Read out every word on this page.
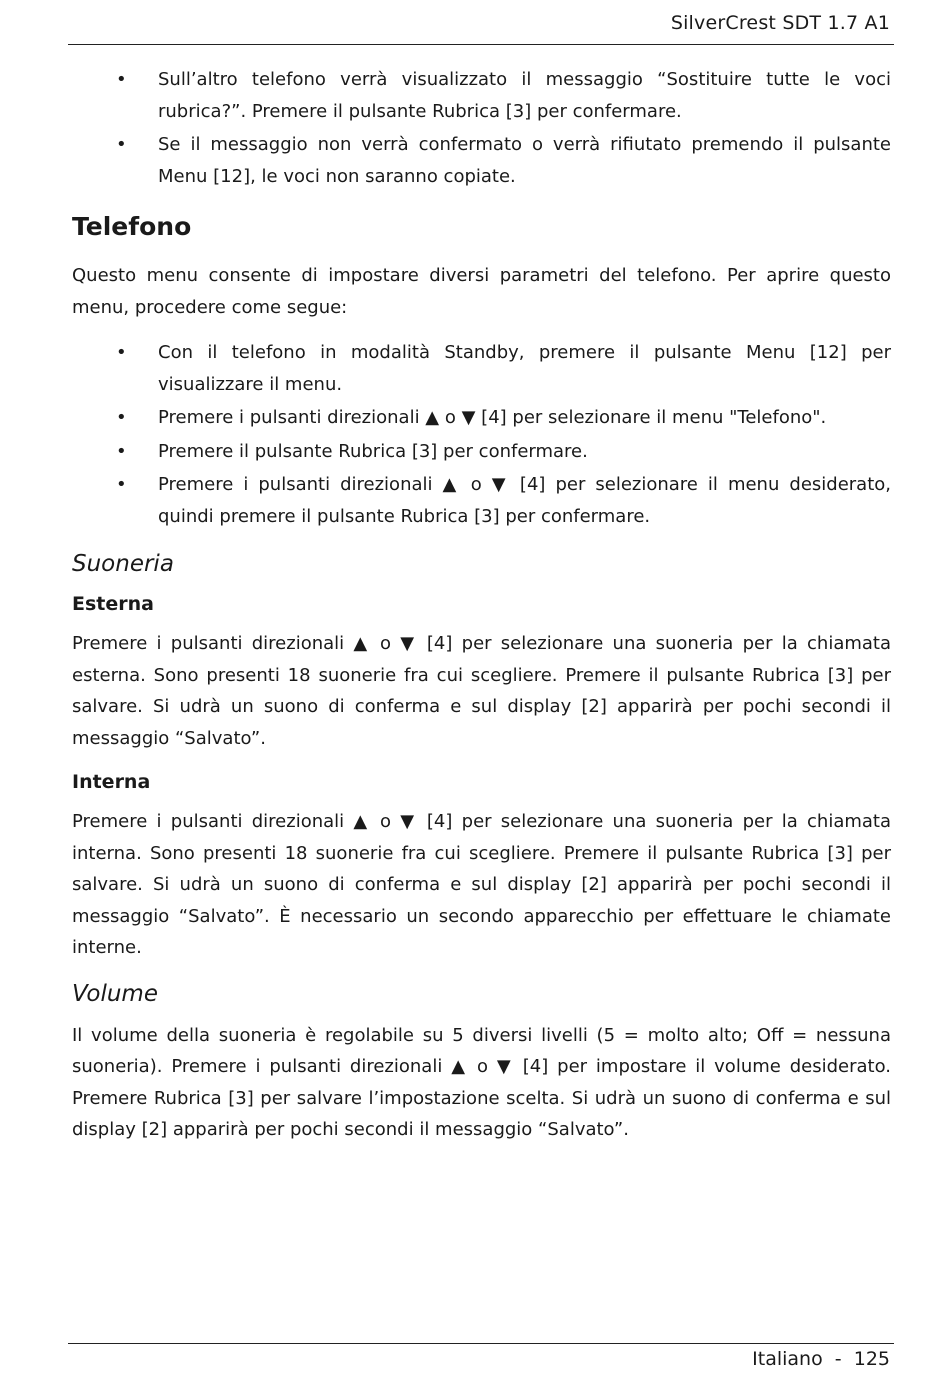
SilverCrest SDT 1.7 A1
• Sull’altro telefono verrà visualizzato il messaggio “Sostituire tutte le voci rubrica?”. Premere il pulsante Rubrica [3] per confermare.
• Se il messaggio non verrà confermato o verrà rifiutato premendo il pulsante Menu [12], le voci non saranno copiate.
Telefono

Questo menu consente di impostare diversi parametri del telefono. Per aprire questo menu, procedere come segue:

• Con il telefono in modalità Standby, premere il pulsante Menu [12] per visualizzare il menu.
• Premere i pulsanti direzionali ▲ o ▼ [4] per selezionare il menu "Telefono".
• Premere il pulsante Rubrica [3] per confermare.
• Premere i pulsanti direzionali ▲ o ▼ [4] per selezionare il menu desiderato, quindi premere il pulsante Rubrica [3] per confermare.
Suoneria
Esterna

Premere i pulsanti direzionali ▲ o ▼ [4] per selezionare una suoneria per la chiamata esterna. Sono presenti 18 suonerie fra cui scegliere. Premere il pulsante Rubrica [3] per salvare. Si udrà un suono di conferma e sul display [2] apparirà per pochi secondi il messaggio “Salvato”.

Interna

Premere i pulsanti direzionali ▲ o ▼ [4] per selezionare una suoneria per la chiamata interna. Sono presenti 18 suonerie fra cui scegliere. Premere il pulsante Rubrica [3] per salvare. Si udrà un suono di conferma e sul display [2] apparirà per pochi secondi il messaggio “Salvato”. È necessario un secondo apparecchio per effettuare le chiamate interne.

Volume

Il volume della suoneria è regolabile su 5 diversi livelli (5 = molto alto; Off = nessuna suoneria). Premere i pulsanti direzionali ▲ o ▼ [4] per impostare il volume desiderato. Premere Rubrica [3] per salvare l’impostazione scelta. Si udrà un suono di conferma e sul display [2] apparirà per pochi secondi il messaggio “Salvato”.

Italiano  -  125
